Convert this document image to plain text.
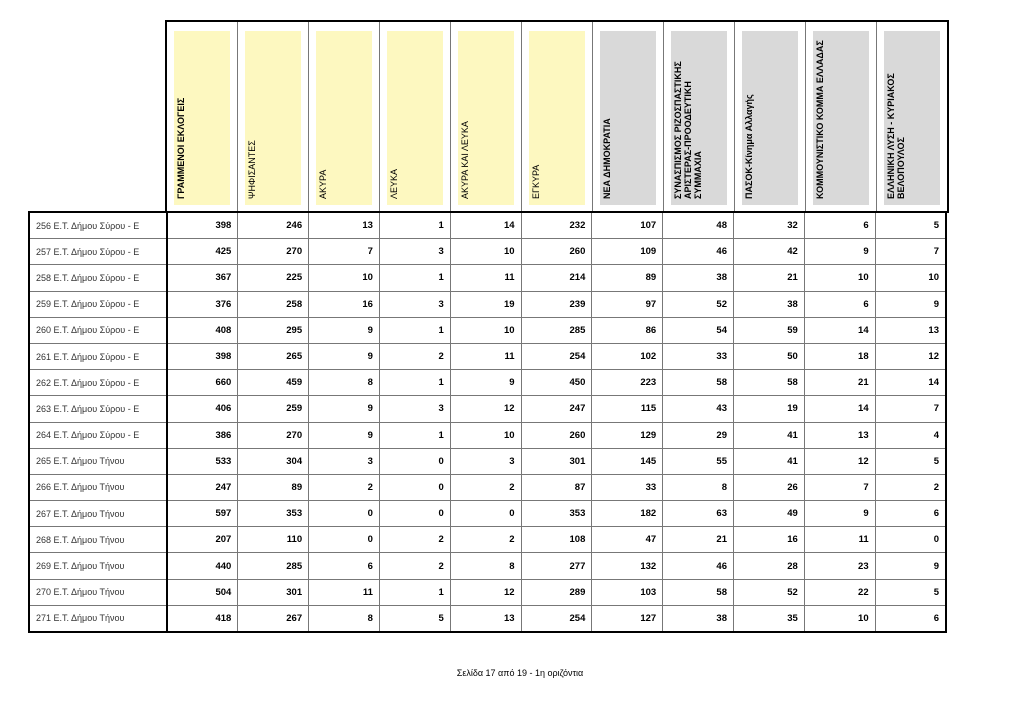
ΓΡΑΜΜΕΝΟΙ ΕΚΛΟΓΕΙΣ	ΨΗΦΙΣΑΝΤΕΣ	ΑΚΥΡΑ	ΛΕΥΚΑ	ΑΚΥΡΑ ΚΑΙ ΛΕΥΚΑ	ΕΓΚΥΡΑ	ΝΕΑ ΔΗΜΟΚΡΑΤΙΑ	ΣΥΝΑΣΠΙΣΜΟΣ ΡΙΖΟΣΠΑΣΤΙΚΗΣ ΑΡΙΣΤΕΡΑΣ-ΠΡΟΟΔΕΥΤΙΚΗ ΣΥΜΜΑΧΙΑ	ΠΑΣΟΚ-Κίνημα Αλλαγής	ΚΟΜΜΟΥΝΙΣΤΙΚΟ ΚΟΜΜΑ ΕΛΛΑΔΑΣ	ΕΛΛΗΝΙΚΗ ΛΥΣΗ - ΚΥΡΙΑΚΟΣ ΒΕΛΟΠΟΥΛΟΣ
256 Ε.Τ. Δήμου Σύρου - Ε	398	246	13	1	14	232	107	48	32	6	5
257 Ε.Τ. Δήμου Σύρου - Ε	425	270	7	3	10	260	109	46	42	9	7
258 Ε.Τ. Δήμου Σύρου - Ε	367	225	10	1	11	214	89	38	21	10	10
259 Ε.Τ. Δήμου Σύρου - Ε	376	258	16	3	19	239	97	52	38	6	9
260 Ε.Τ. Δήμου Σύρου - Ε	408	295	9	1	10	285	86	54	59	14	13
261 Ε.Τ. Δήμου Σύρου - Ε	398	265	9	2	11	254	102	33	50	18	12
262 Ε.Τ. Δήμου Σύρου - Ε	660	459	8	1	9	450	223	58	58	21	14
263 Ε.Τ. Δήμου Σύρου - Ε	406	259	9	3	12	247	115	43	19	14	7
264 Ε.Τ. Δήμου Σύρου - Ε	386	270	9	1	10	260	129	29	41	13	4
265 Ε.Τ. Δήμου Τήνου	533	304	3	0	3	301	145	55	41	12	5
266 Ε.Τ. Δήμου Τήνου	247	89	2	0	2	87	33	8	26	7	2
267 Ε.Τ. Δήμου Τήνου	597	353	0	0	0	353	182	63	49	9	6
268 Ε.Τ. Δήμου Τήνου	207	110	0	2	2	108	47	21	16	11	0
269 Ε.Τ. Δήμου Τήνου	440	285	6	2	8	277	132	46	28	23	9
270 Ε.Τ. Δήμου Τήνου	504	301	11	1	12	289	103	58	52	22	5
271 Ε.Τ. Δήμου Τήνου	418	267	8	5	13	254	127	38	35	10	6
Σελίδα 17 από 19 - 1η οριζόντια
